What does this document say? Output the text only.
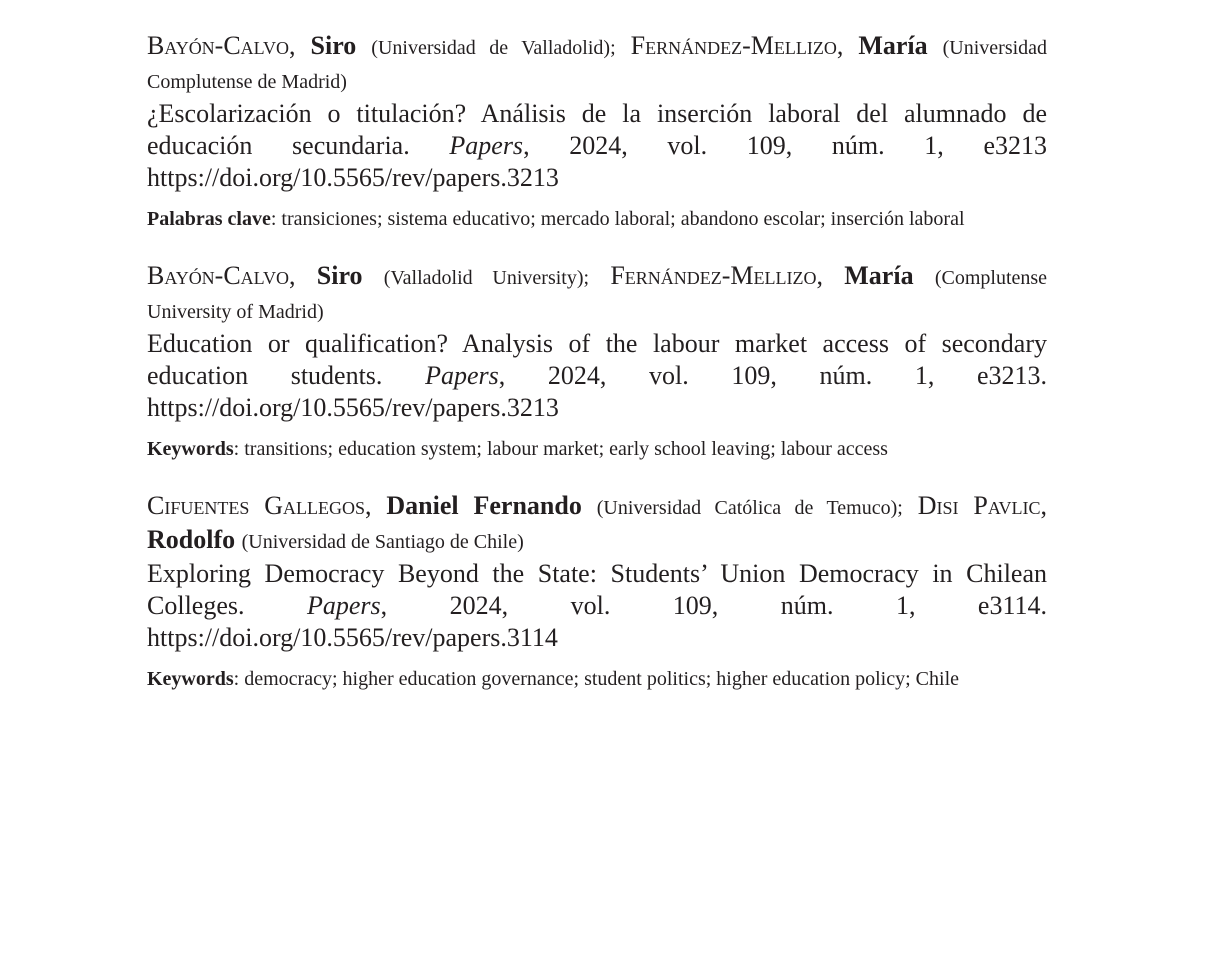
Bayón-Calvo, Siro (Universidad de Valladolid); Fernández-Mellizo, María (Universidad Complutense de Madrid)
¿Escolarización o titulación? Análisis de la inserción laboral del alumnado de educación secundaria. Papers, 2024, vol. 109, núm. 1, e3213 https://doi.org/10.5565/rev/papers.3213
Palabras clave: transiciones; sistema educativo; mercado laboral; abandono escolar; inserción laboral
Bayón-Calvo, Siro (Valladolid University); Fernández-Mellizo, María (Complutense University of Madrid)
Education or qualification? Analysis of the labour market access of secondary education students. Papers, 2024, vol. 109, núm. 1, e3213. https://doi.org/10.5565/rev/papers.3213
Keywords: transitions; education system; labour market; early school leaving; labour access
Cifuentes Gallegos, Daniel Fernando (Universidad Católica de Temuco); Disi Pavlic, Rodolfo (Universidad de Santiago de Chile)
Exploring Democracy Beyond the State: Students’ Union Democracy in Chilean Colleges. Papers, 2024, vol. 109, núm. 1, e3114. https://doi.org/10.5565/rev/papers.3114
Keywords: democracy; higher education governance; student politics; higher education policy; Chile
